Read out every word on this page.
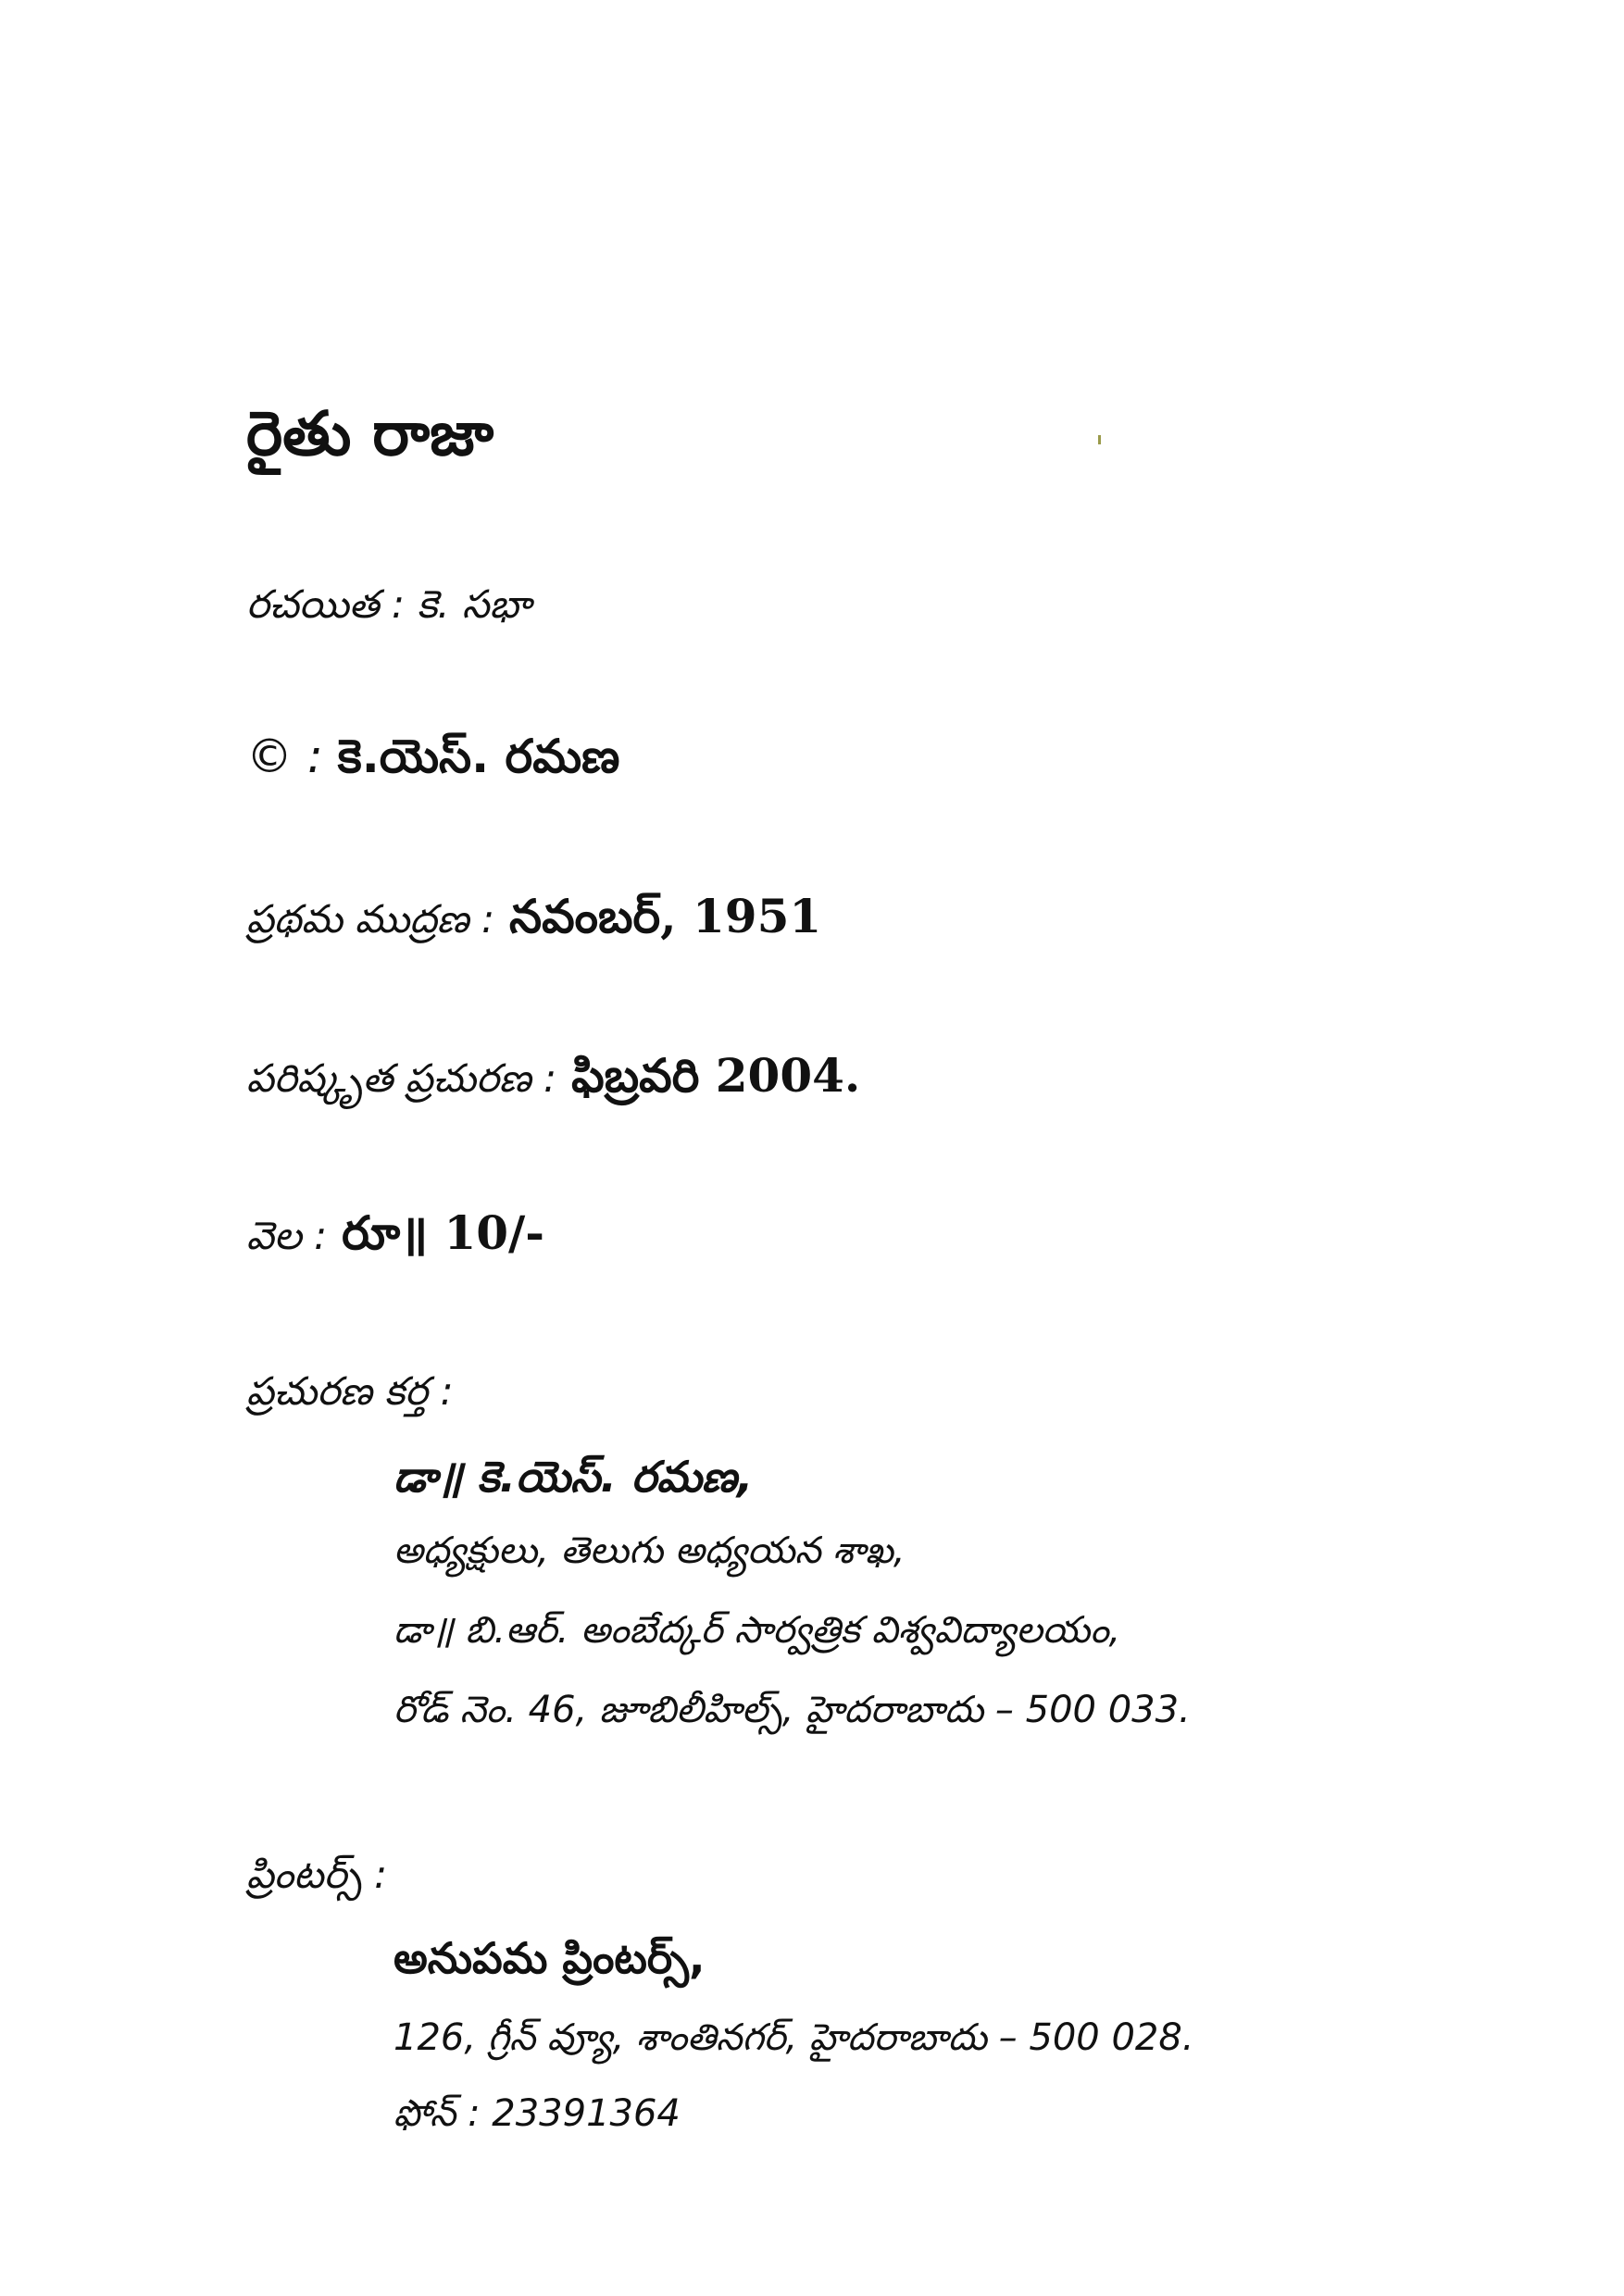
రైతు రాజా
రచయిత : కె. సభా
© : కె.యెస్. రమణ
ప్రథమ ముద్రణ : నవంబర్, 1951
పరిష్కృత ప్రచురణ : ఫిబ్రవరి 2004.
వెల : రూ॥ 10/-
ప్రచురణ కర్త :
డా॥ కె.యెస్. రమణ,
అధ్యక్షులు, తెలుగు అధ్యయన శాఖ,
డా॥ బి.ఆర్. అంబేద్కర్ సార్వత్రిక విశ్వవిద్యాలయం,
రోడ్ నెం. 46, జూబిలీహిల్స్, హైదరాబాదు – 500 033.
ప్రింటర్స్ :
అనుపమ ప్రింటర్స్,
126, గ్రీన్ వ్యూ, శాంతినగర్, హైదరాబాదు – 500 028.
ఫోన్ : 23391364
